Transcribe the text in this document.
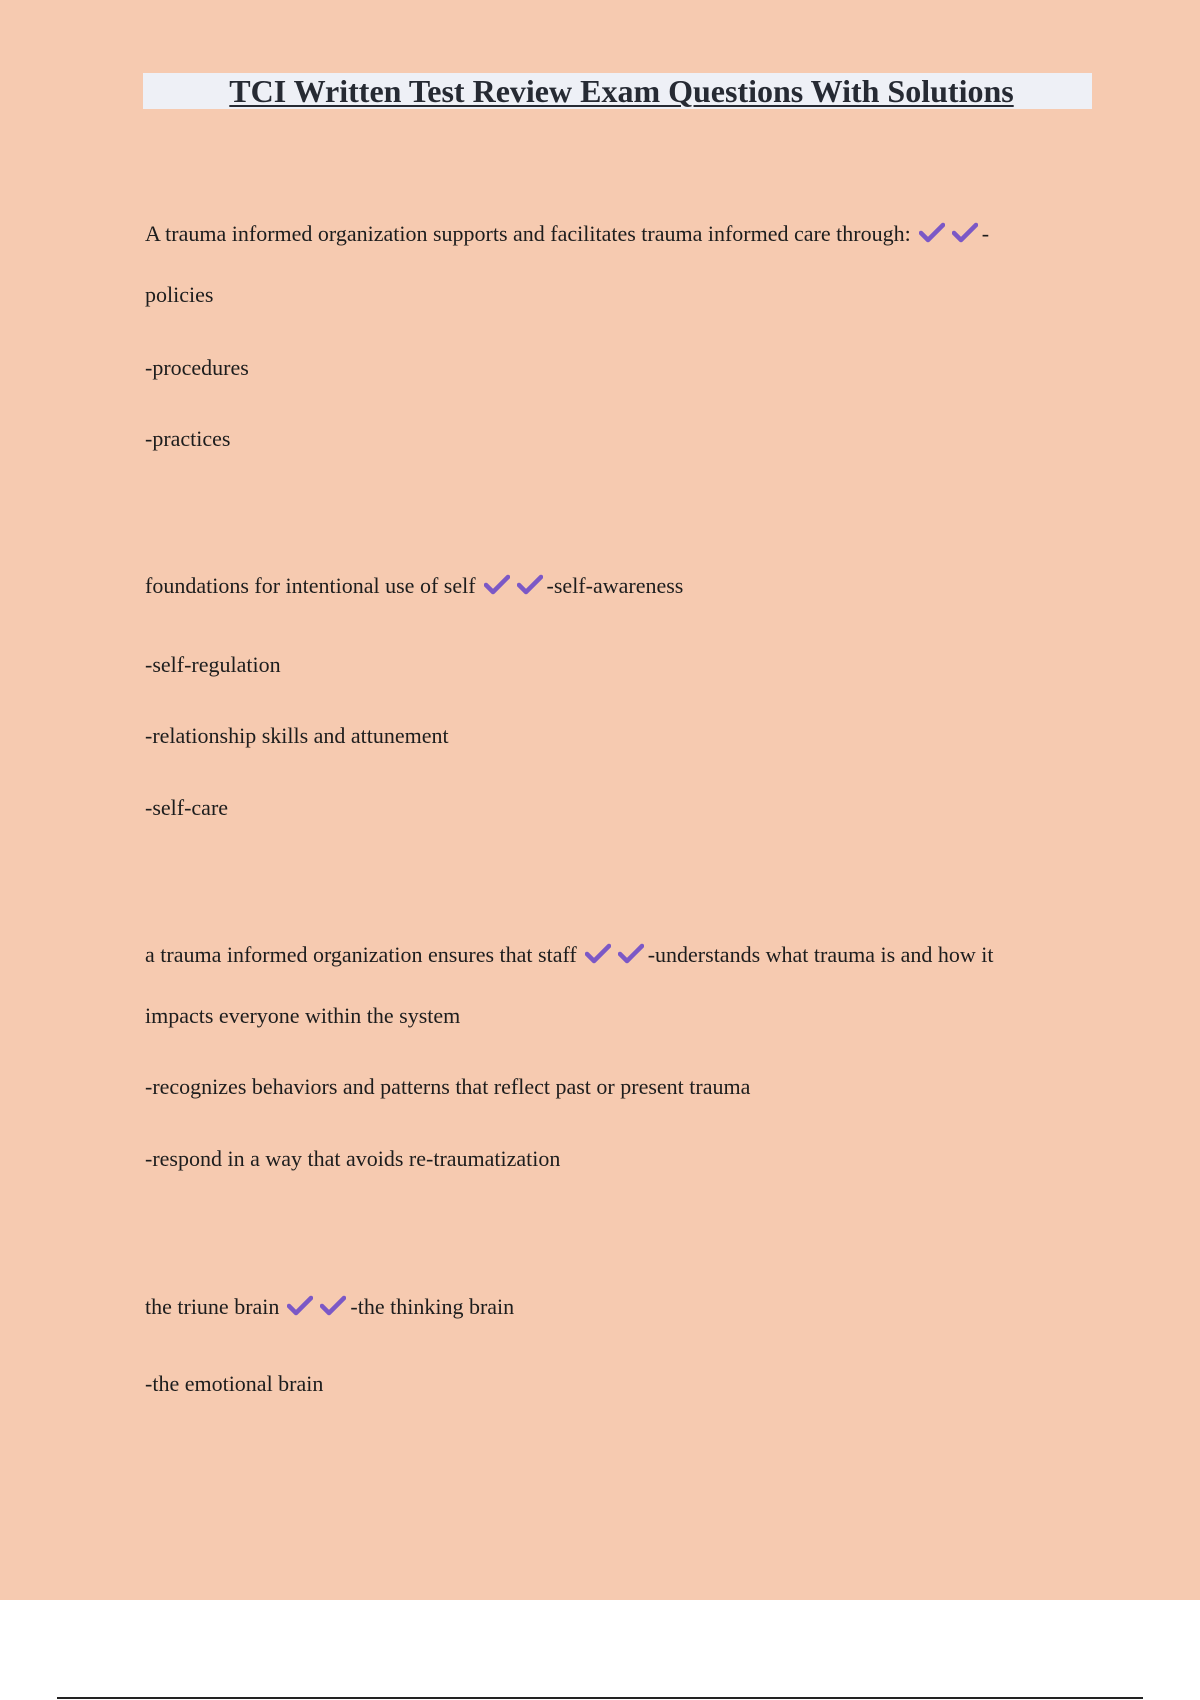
TCI Written Test Review Exam Questions With Solutions
A trauma informed organization supports and facilitates trauma informed care through:	-
policies
-procedures
-practices
foundations for intentional use of self	-self-awareness
-self-regulation
-relationship skills and attunement
-self-care
a trauma informed organization ensures that staff	-understands what trauma is and how it
impacts everyone within the system
-recognizes behaviors and patterns that reflect past or present trauma
-respond in a way that avoids re-traumatization
the triune brain	-the thinking brain
-the emotional brain
